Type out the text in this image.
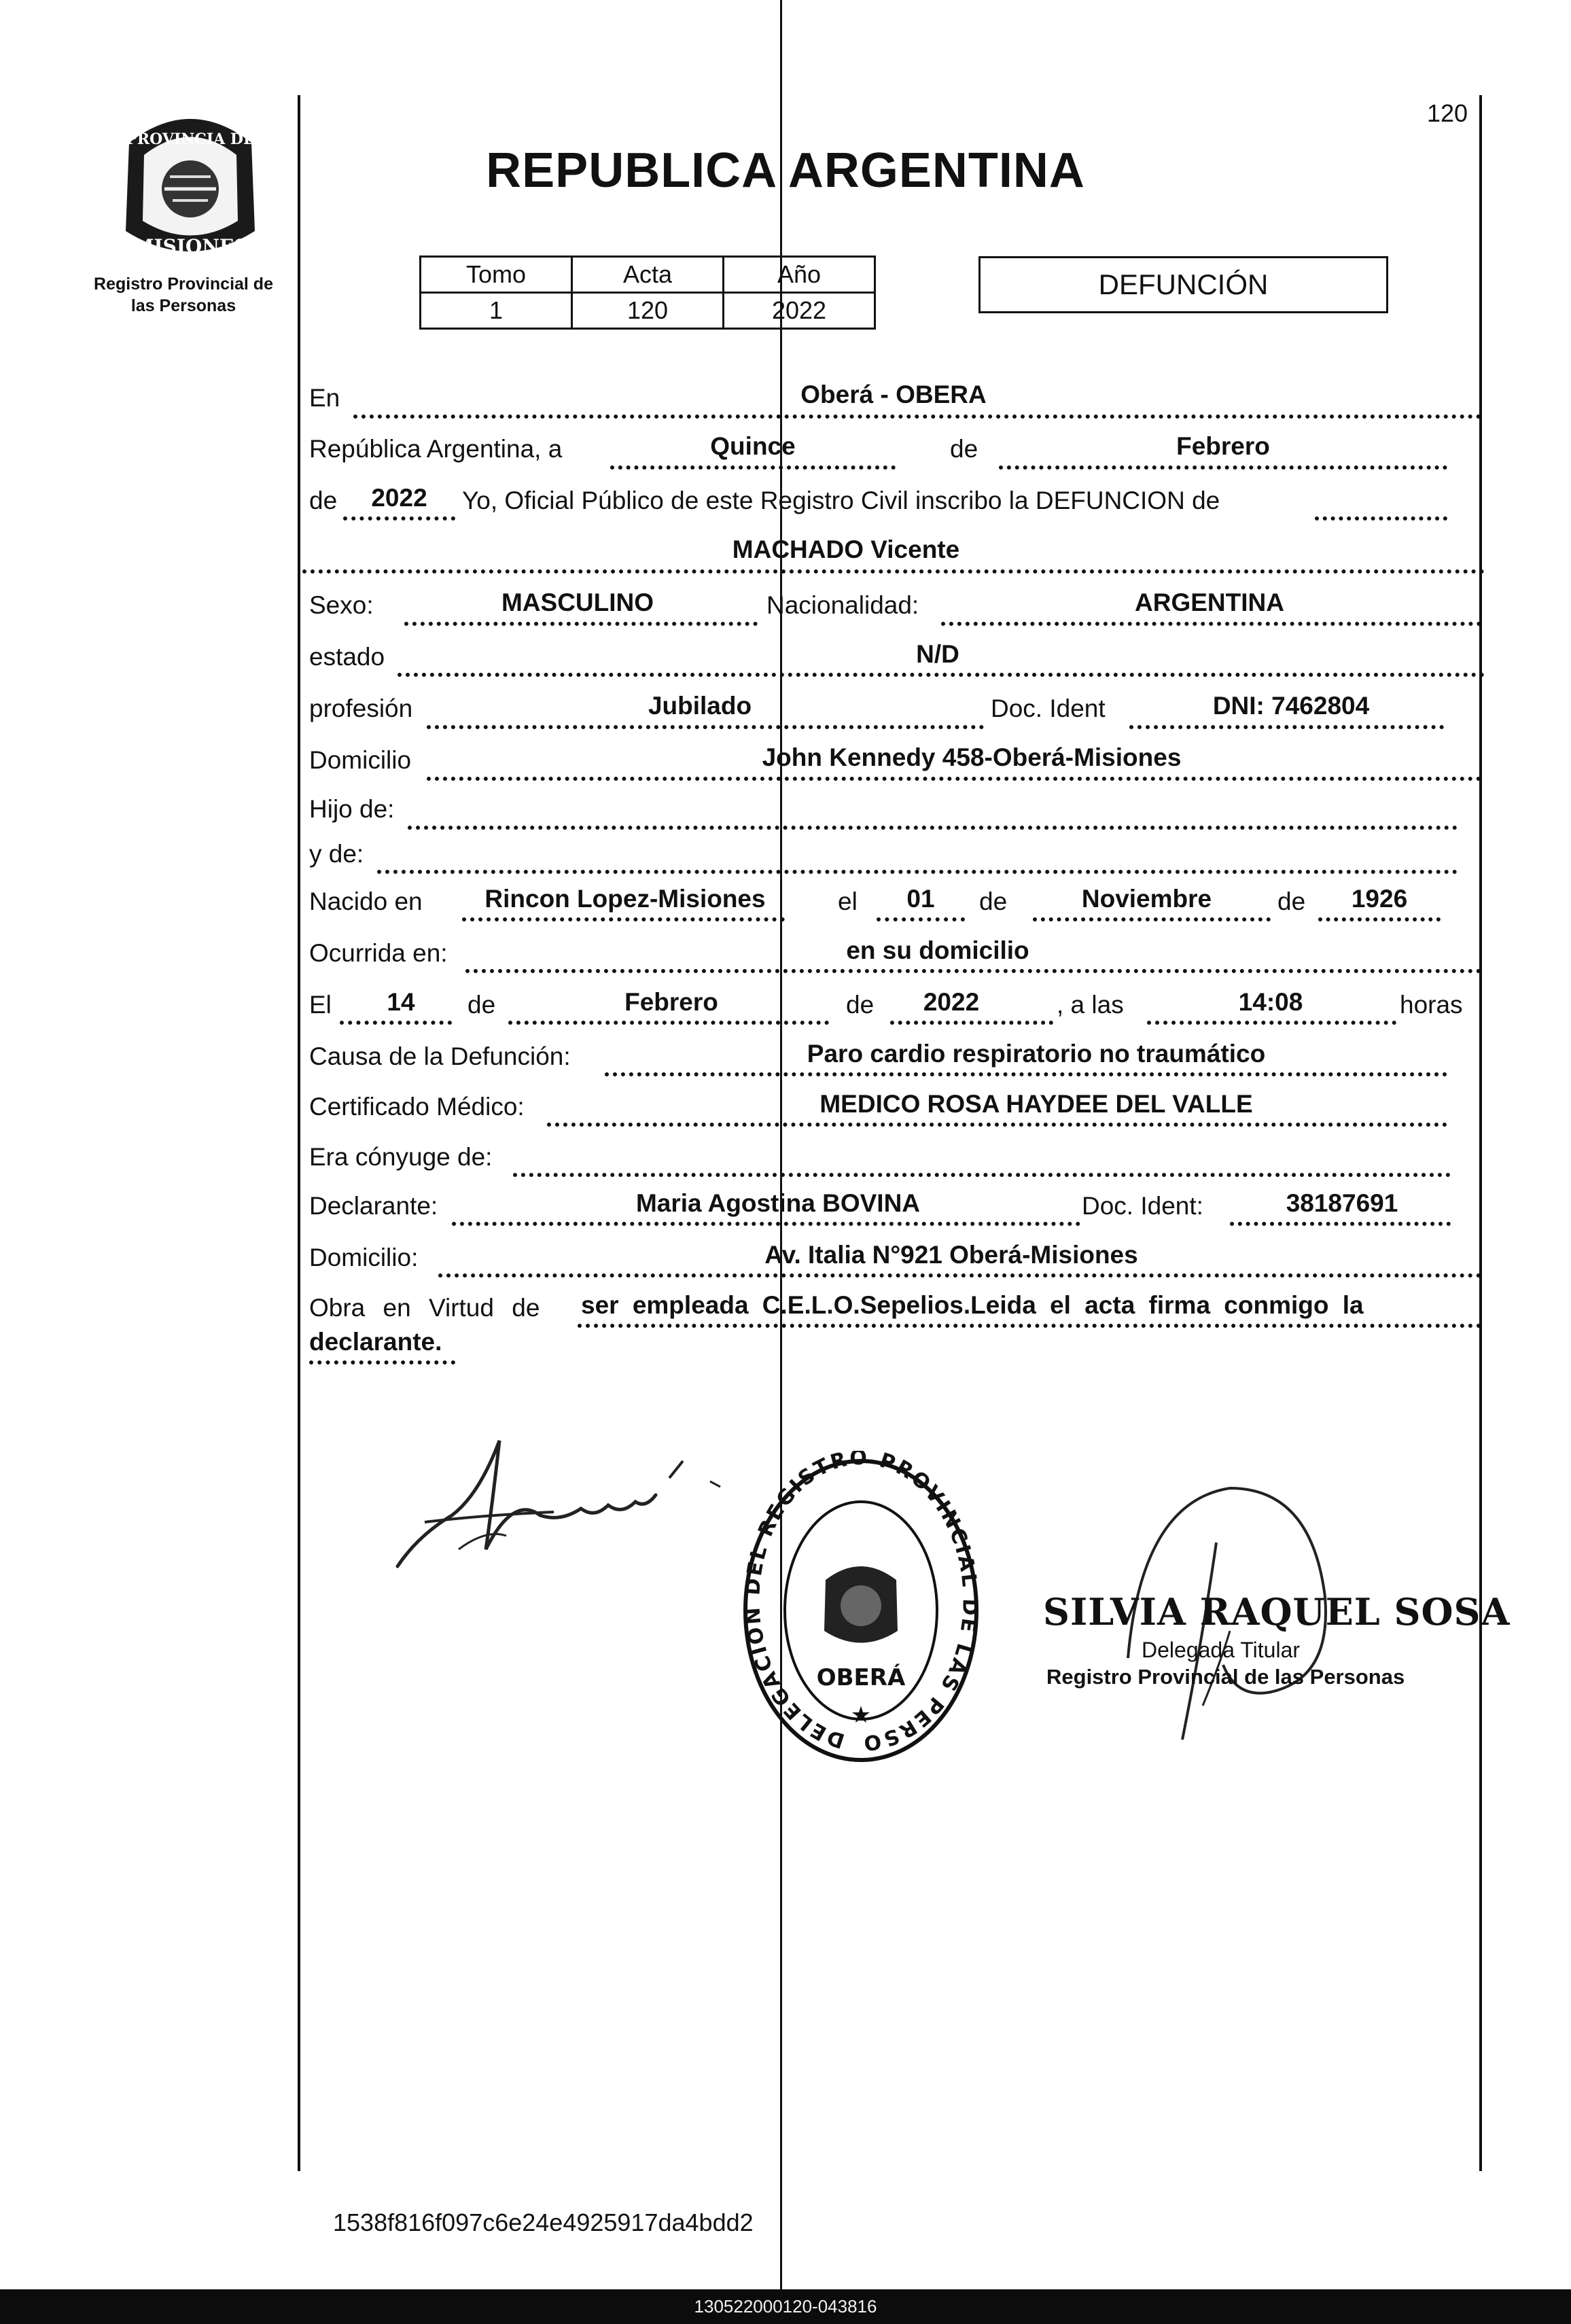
PROVINCIA DE
MISIONES
Registro Provincial de
las Personas
120
REPUBLICA ARGENTINA
Tomo	Acta	Año
1	120	2022
DEFUNCIÓN
En	Oberá - OBERA
República Argentina, a	Quince	de	Febrero
de	2022	Yo, Oficial Público de este Registro Civil inscribo la DEFUNCION de
MACHADO Vicente
Sexo:	MASCULINO	Nacionalidad:	ARGENTINA
estado	N/D
profesión	Jubilado	Doc. Ident	DNI: 7462804
Domicilio	John Kennedy 458-Oberá-Misiones
Hijo de:
y de:
Nacido en	Rincon Lopez-Misiones	el	01	de	Noviembre	de	1926
Ocurrida en:	en su domicilio
El	14	de	Febrero	de	2022	, a las	14:08	horas
Causa de la Defunción:	Paro cardio respiratorio no traumático
Certificado Médico:	MEDICO ROSA HAYDEE DEL VALLE
Era cónyuge de:
Declarante:	Maria Agostina BOVINA	Doc. Ident:	38187691
Domicilio:	Av. Italia N°921 Oberá-Misiones
Obra en Virtud de ser empleada C.E.L.O.Sepelios.Leida el acta firma conmigo la
declarante.
DELEGACION DEL REGISTRO PROVINCIAL DE LAS PERSO
OBERÁ
★
SILVIA RAQUEL SOSA
Delegada Titular
Registro Provincial de las Personas
1538f816f097c6e24e4925917da4bdd2
130522000120-043816
